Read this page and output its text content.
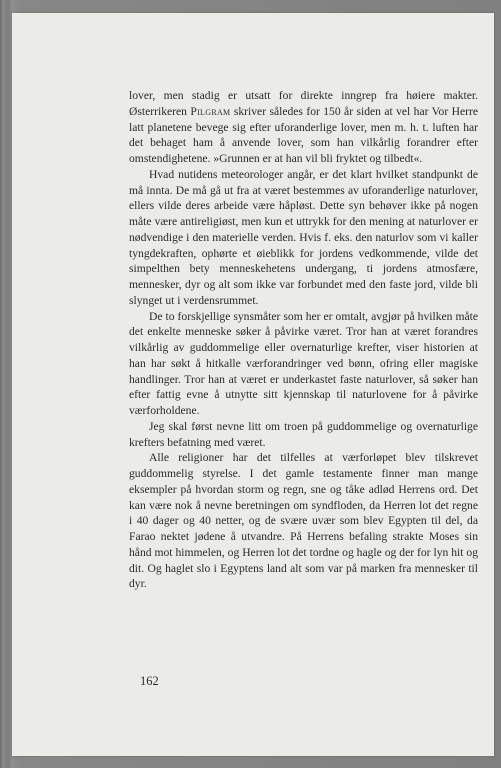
lover, men stadig er utsatt for direkte inngrep fra høiere makter. Østerrikeren Pilgram skriver således for 150 år siden at vel har Vor Herre latt planetene bevege sig efter uforanderlige lover, men m. h. t. luften har det behaget ham å anvende lover, som han vilkårlig forandrer efter omstendighetene. »Grunnen er at han vil bli fryktet og tilbedt«.

Hvad nutidens meteorologer angår, er det klart hvilket standpunkt de må innta. De må gå ut fra at været bestemmes av uforanderlige naturlover, ellers vilde deres arbeide være håpløst. Dette syn behøver ikke på nogen måte være antireligiøst, men kun et uttrykk for den mening at naturlover er nødvendige i den materielle verden. Hvis f. eks. den naturlov som vi kaller tyngdekraften, ophørte et øieblikk for jordens vedkommende, vilde det simpelthen bety menneskehetens undergang, ti jordens atmosfære, mennesker, dyr og alt som ikke var forbundet med den faste jord, vilde bli slynget ut i verdensrummet.

De to forskjellige synsmåter som her er omtalt, avgjør på hvilken måte det enkelte menneske søker å påvirke været. Tror han at været forandres vilkårlig av guddommelige eller overnaturlige krefter, viser historien at han har søkt å hitkalle værforandringer ved bønn, ofring eller magiske handlinger. Tror han at været er underkastet faste naturlover, så søker han efter fattig evne å utnytte sitt kjennskap til naturlovene for å påvirke værforholdene.

Jeg skal først nevne litt om troen på guddommelige og overnaturlige krefters befatning med været.

Alle religioner har det tilfelles at værforløpet blev tilskrevet guddommelig styrelse. I det gamle testamente finner man mange eksempler på hvordan storm og regn, sne og tåke adlød Herrens ord. Det kan være nok å nevne beretningen om syndfloden, da Herren lot det regne i 40 dager og 40 netter, og de svære uvær som blev Egypten til del, da Farao nektet jødene å utvandre. På Herrens befaling strakte Moses sin hånd mot himmelen, og Herren lot det tordne og hagle og der for lyn hit og dit. Og haglet slo i Egyptens land alt som var på marken fra mennesker til dyr.

162
